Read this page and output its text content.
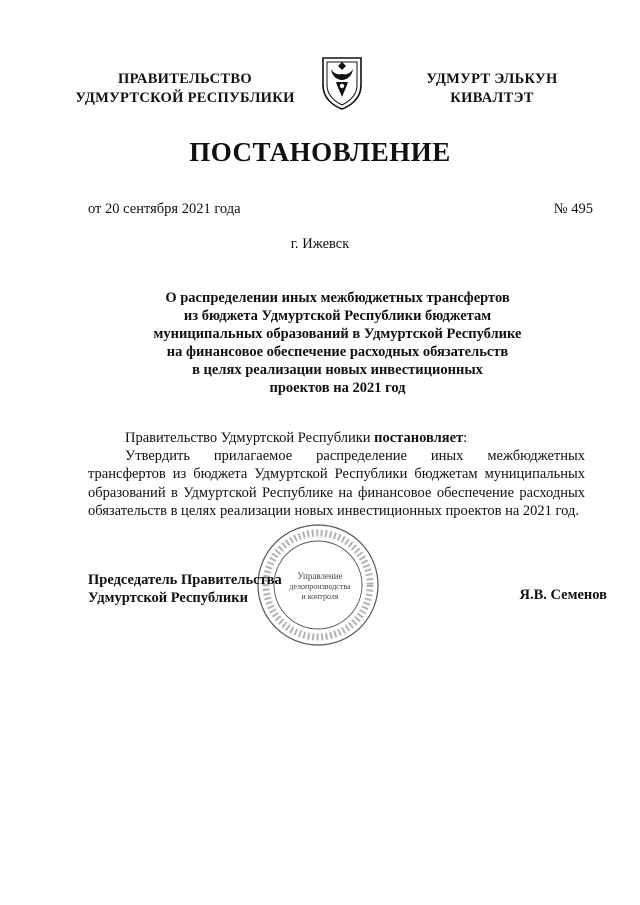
ПРАВИТЕЛЬСТВО
УДМУРТСКОЙ РЕСПУБЛИКИ
УДМУРТ ЭЛЬКУН
КИВАЛТЭТ
ПОСТАНОВЛЕНИЕ
от 20 сентября 2021 года	№ 495
г. Ижевск
О распределении иных межбюджетных трансфертов
из бюджета Удмуртской Республики бюджетам
муниципальных образований в Удмуртской Республике
на финансовое обеспечение расходных обязательств
в целях реализации новых инвестиционных
проектов на 2021 год
Правительство Удмуртской Республики постановляет:
Утвердить прилагаемое распределение иных межбюджетных трансфертов из бюджета Удмуртской Республики бюджетам муниципальных образований в Удмуртской Республике на финансовое обеспечение расходных обязательств в целях реализации новых инвестиционных проектов на 2021 год.
Управление
делопроизводства
и контроля
Председатель Правительства
Удмуртской Республики	Я.В. Семенов
